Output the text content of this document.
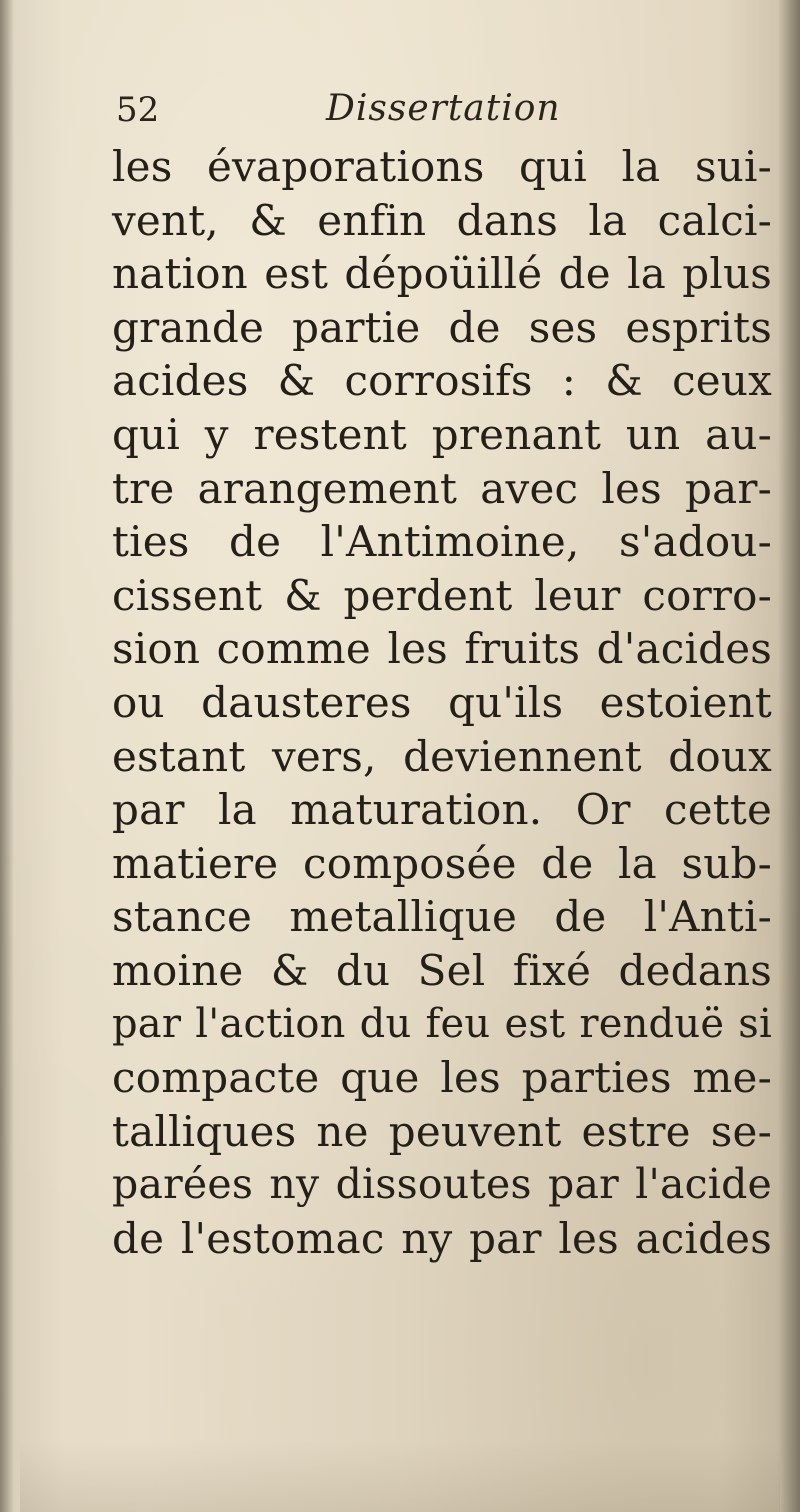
52	Dissertation
les évaporations qui la sui-
vent, & enfin dans la calci-
nation est dépoüillé de la plus
grande partie de ses esprits
acides & corrosifs : & ceux
qui y restent prenant un au-
tre arangement avec les par-
ties de l'Antimoine, s'adou-
cissent & perdent leur corro-
sion comme les fruits d'acides
ou dausteres qu'ils estoient
estant vers, deviennent doux
par la maturation. Or cette
matiere composée de la sub-
stance metallique de l'Anti-
moine & du Sel fixé dedans
par l'action du feu est renduë si
compacte que les parties me-
talliques ne peuvent estre se-
parées ny dissoutes par l'acide
de l'estomac ny par les acides
